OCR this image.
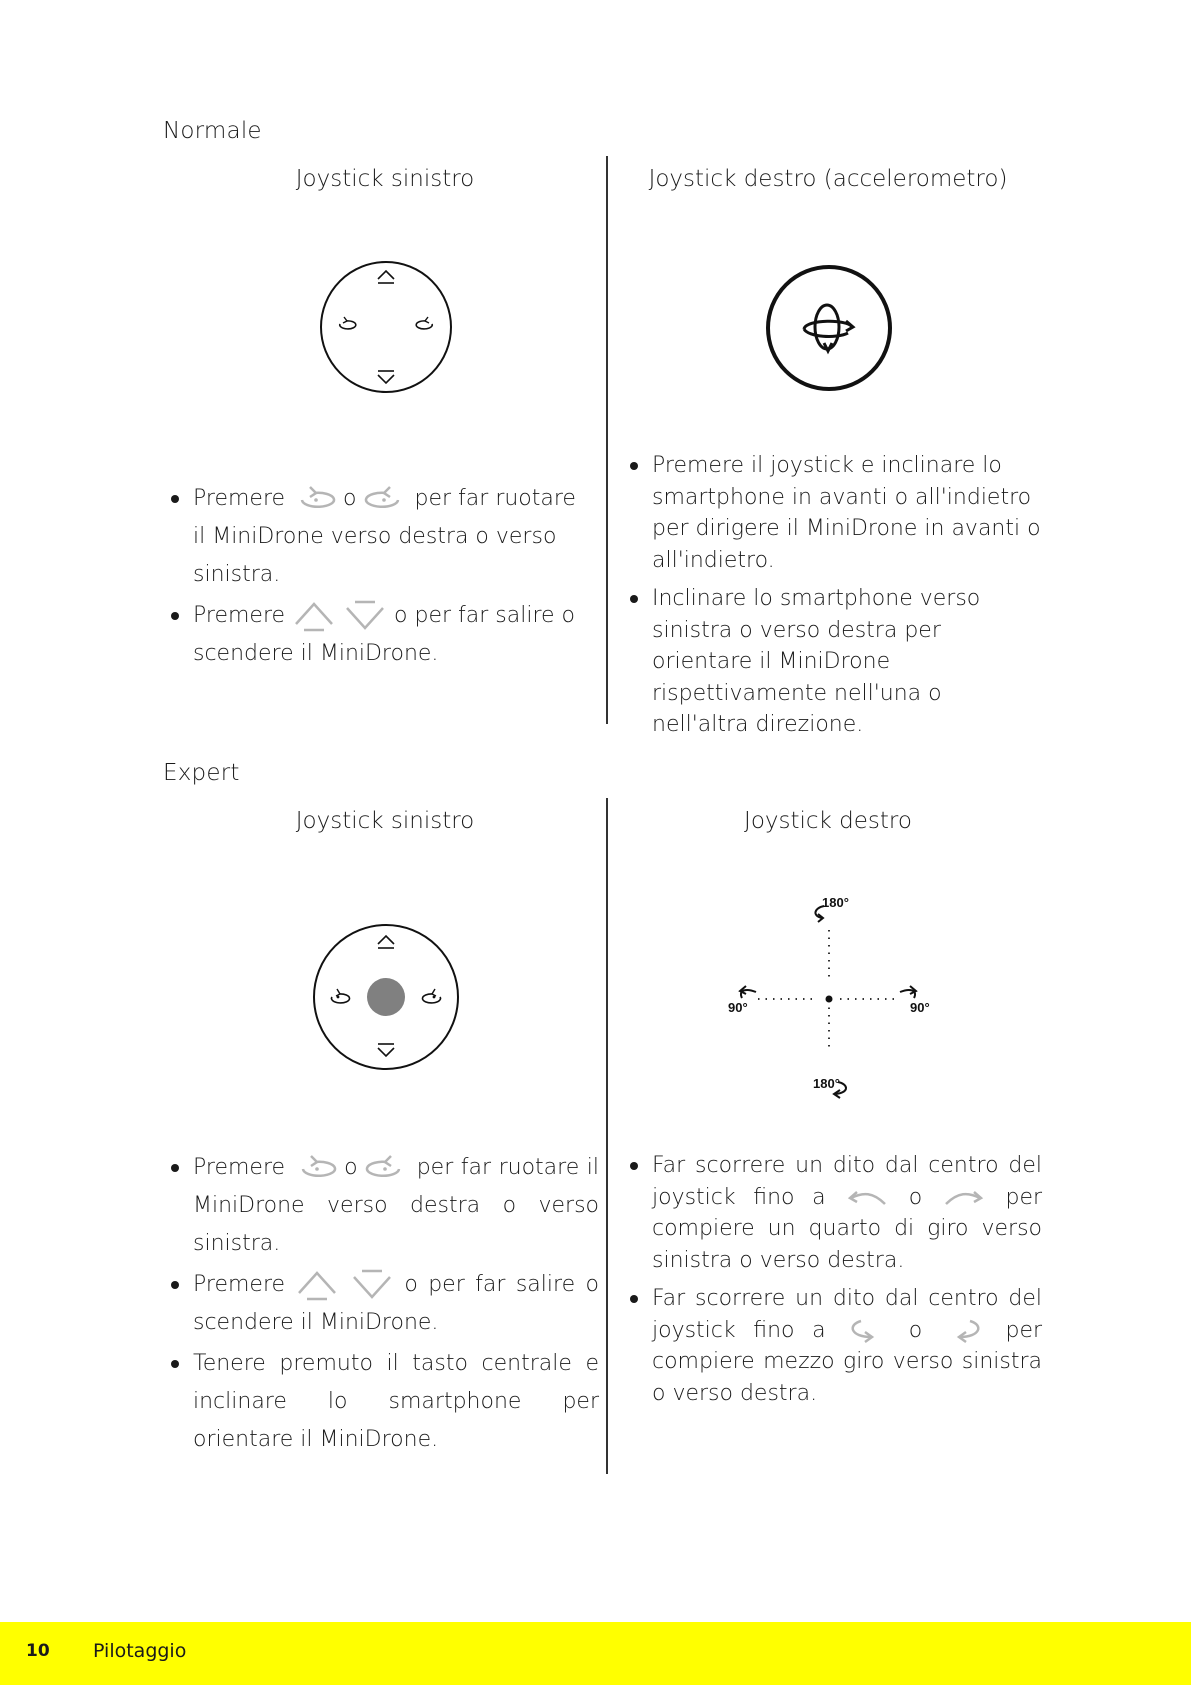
Normale
Joystick sinistro	Joystick destro (accelerometro)
Premere	o	per far ruotare il MiniDrone verso destra o verso sinistra.
Premere	o per far salire o scendere il MiniDrone.
Premere il joystick e inclinare lo smartphone in avanti o all'indietro per dirigere il MiniDrone in avanti o all'indietro.
Inclinare lo smartphone verso sinistra o verso destra per orientare il MiniDrone rispettivamente nell'una o nell'altra direzione.
Expert
Joystick sinistro	Joystick destro
180°
180°
90°	90°
Premere	o	per far ruotare il MiniDrone verso destra o verso sinistra.
Premere	o per far salire o scendere il MiniDrone.
Tenere premuto il tasto centrale e inclinare lo smartphone per orientare il MiniDrone.
Far scorrere un dito dal centro del joystick fino a	o	per compiere un quarto di giro verso sinistra o verso destra.
Far scorrere un dito dal centro del joystick fino a	o	per compiere mezzo giro verso sinistra o verso destra.
10 Pilotaggio
